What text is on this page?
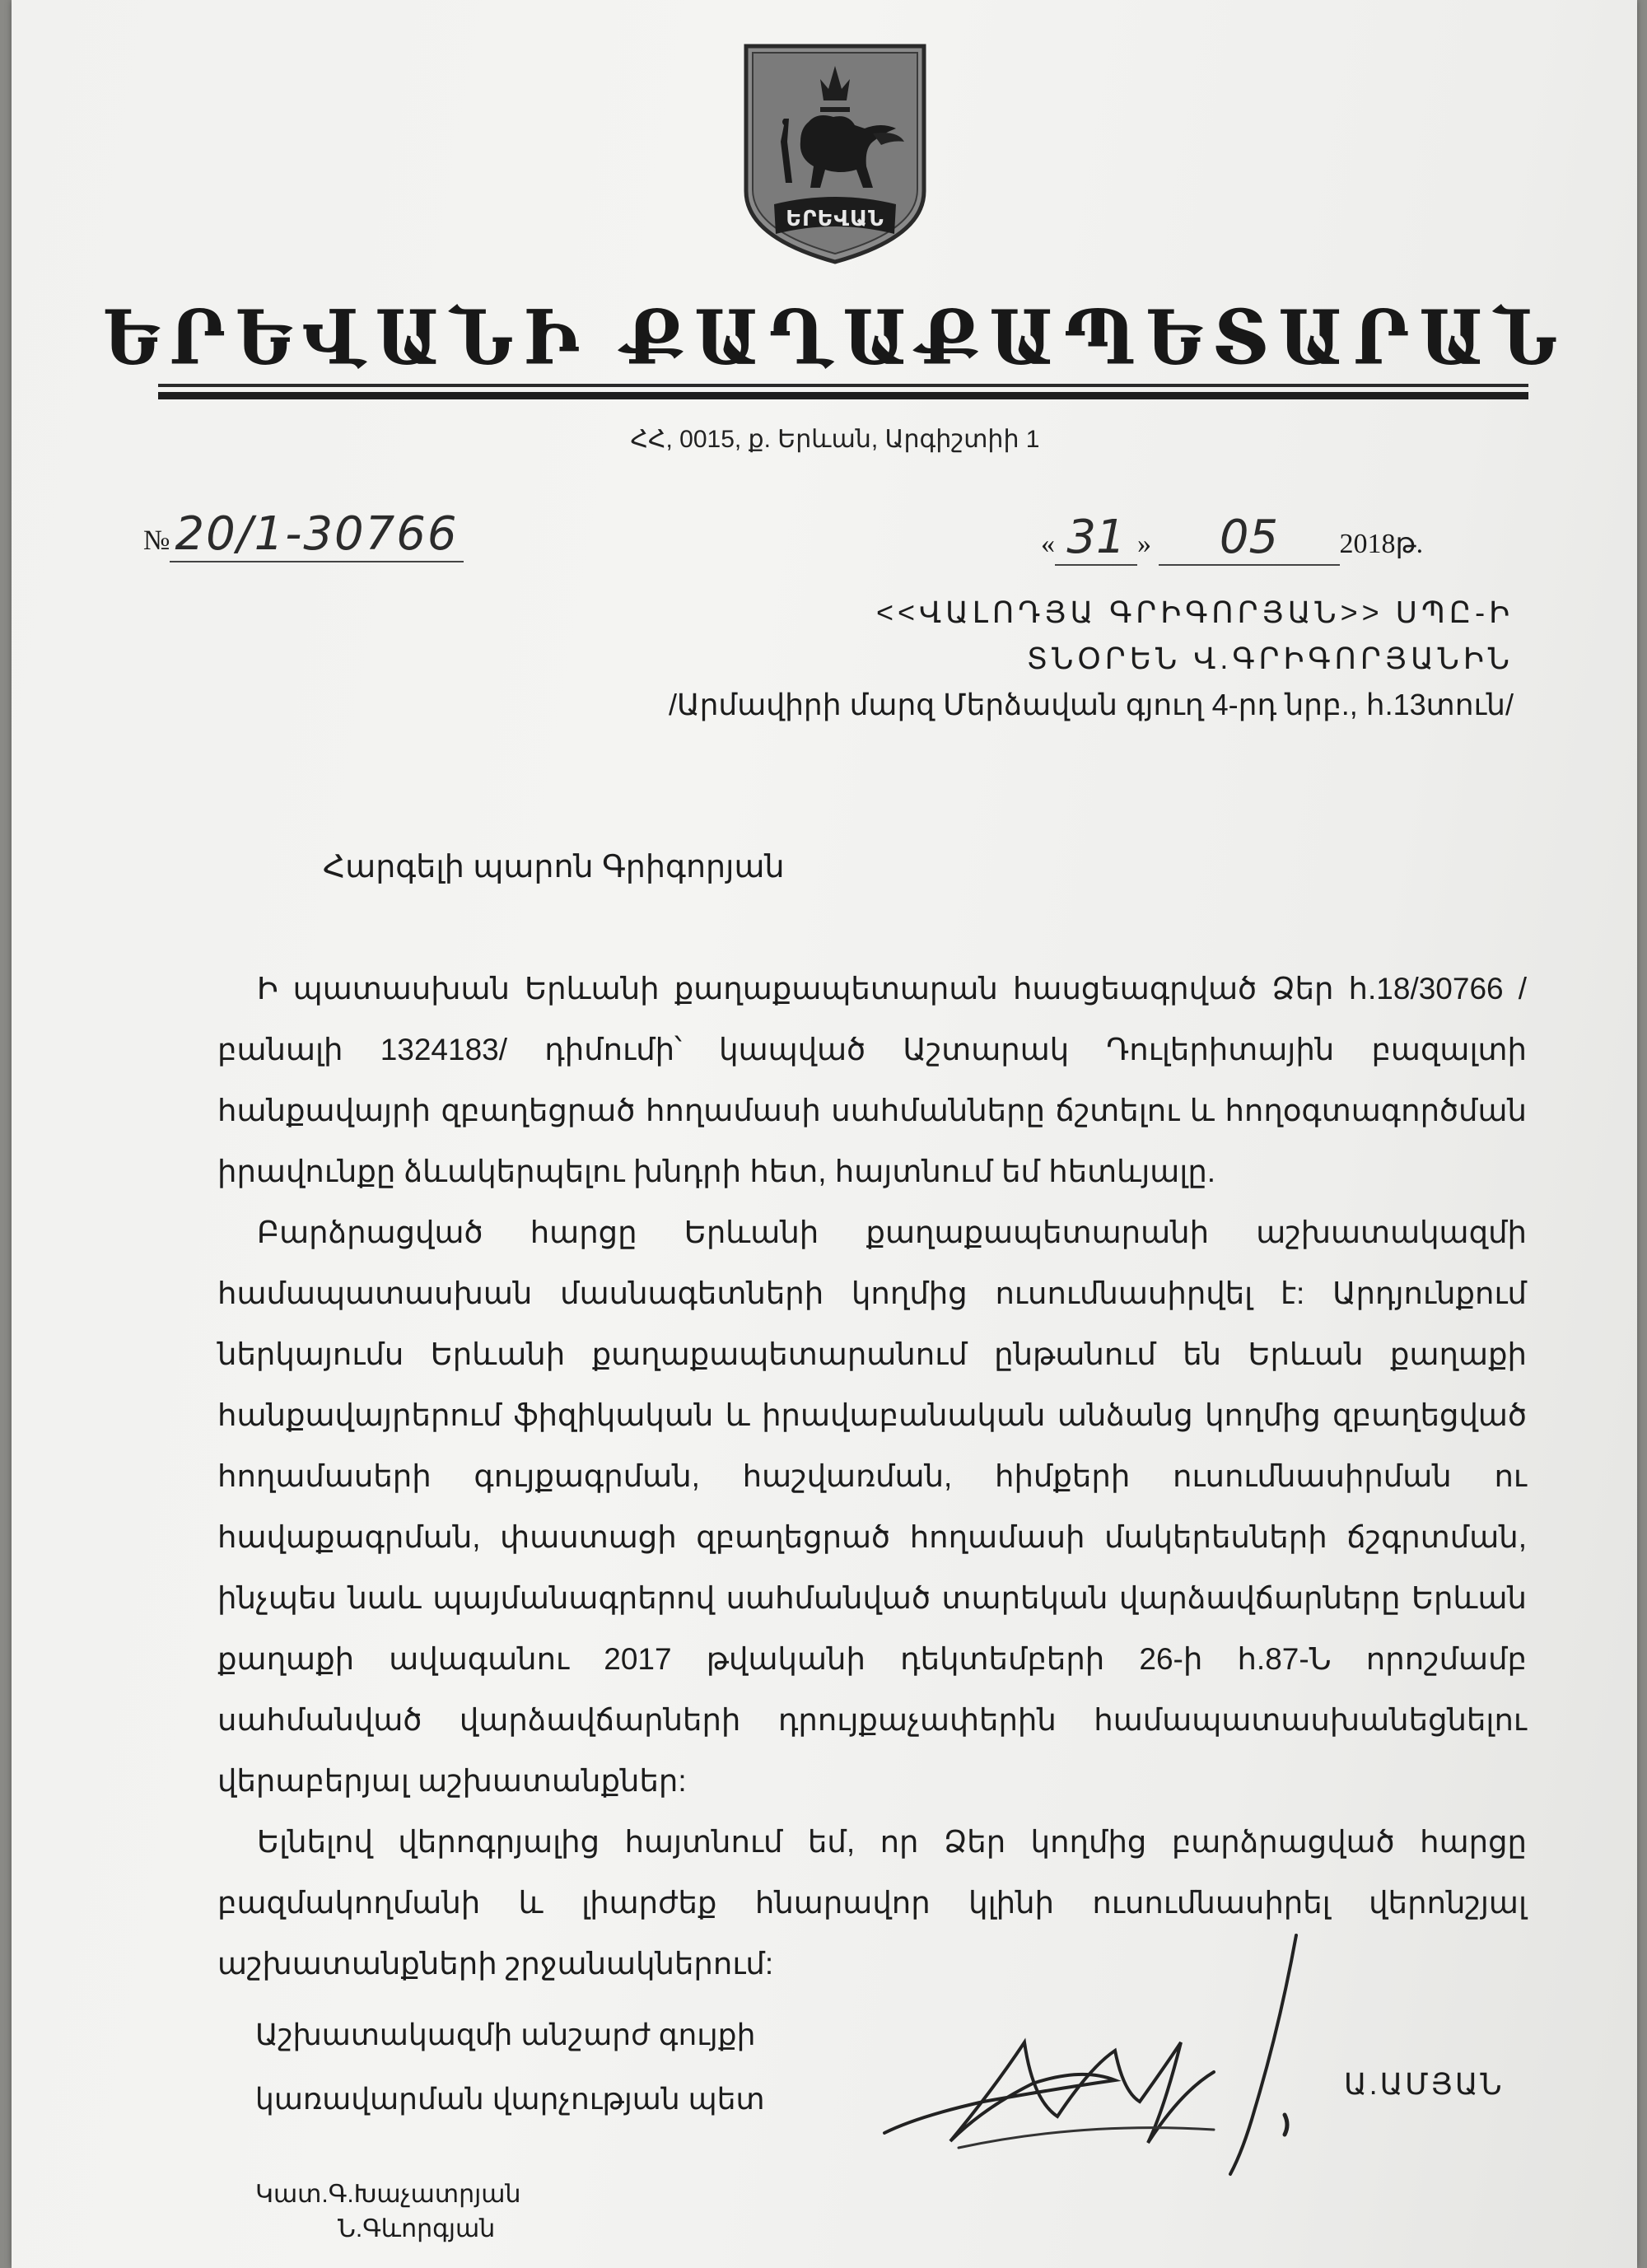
ԵՐԵՎԱՆ
ԵՐԵՎԱՆԻ ՔԱՂԱՔԱՊԵՏԱՐԱՆ
ՀՀ, 0015, ք. Երևան, Արգիշտիի 1
№ 20/1-30766	« 31 » 05 2018թ.
<<ՎԱԼՈԴՅԱ ԳՐԻԳՈՐՅԱՆ>> ՍՊԸ-Ի
ՏՆՕՐԵՆ Վ.ԳՐԻԳՈՐՅԱՆԻՆ
/Արմավիրի մարզ Մերձավան գյուղ 4-րդ նրբ., հ.13տուն/
Հարգելի պարոն Գրիգորյան

Ի պատասխան Երևանի քաղաքապետարան հասցեագրված Ձեր հ.18/30766 /բանալի 1324183/ դիմումի՝ կապված Աշտարակ Դուլերիտային բազալտի հանքավայրի զբաղեցրած հողամասի սահմանները ճշտելու և հողօգտագործման իրավունքը ձևակերպելու խնդրի հետ, հայտնում եմ հետևյալը.

Բարձրացված հարցը Երևանի քաղաքապետարանի աշխատակազմի համապատասխան մասնագետների կողմից ուսումնասիրվել է: Արդյունքում ներկայումս Երևանի քաղաքապետարանում ընթանում են Երևան քաղաքի հանքավայրերում ֆիզիկական և իրավաբանական անձանց կողմից զբաղեցված հողամասերի գույքագրման, հաշվառման, հիմքերի ուսումնասիրման ու հավաքագրման, փաստացի զբաղեցրած հողամասի մակերեսների ճշգրտման, ինչպես նաև պայմանագրերով սահմանված տարեկան վարձավճարները Երևան քաղաքի ավագանու 2017 թվականի դեկտեմբերի 26-ի հ.87-Ն որոշմամբ սահմանված վարձավճարների դրույքաչափերին համապատասխանեցնելու վերաբերյալ աշխատանքներ:

Ելնելով վերոգրյալից հայտնում եմ, որ Ձեր կողմից բարձրացված հարցը բազմակողմանի և լիարժեք հնարավոր կլինի ուսումնասիրել վերոնշյալ աշխատանքների շրջանակներում:

Աշխատակազմի անշարժ գույքի
կառավարման վարչության պետ	Ա.ԱՄՅԱՆ
Կատ.Գ.Խաչատրյան
Ն.Գևորգյան
